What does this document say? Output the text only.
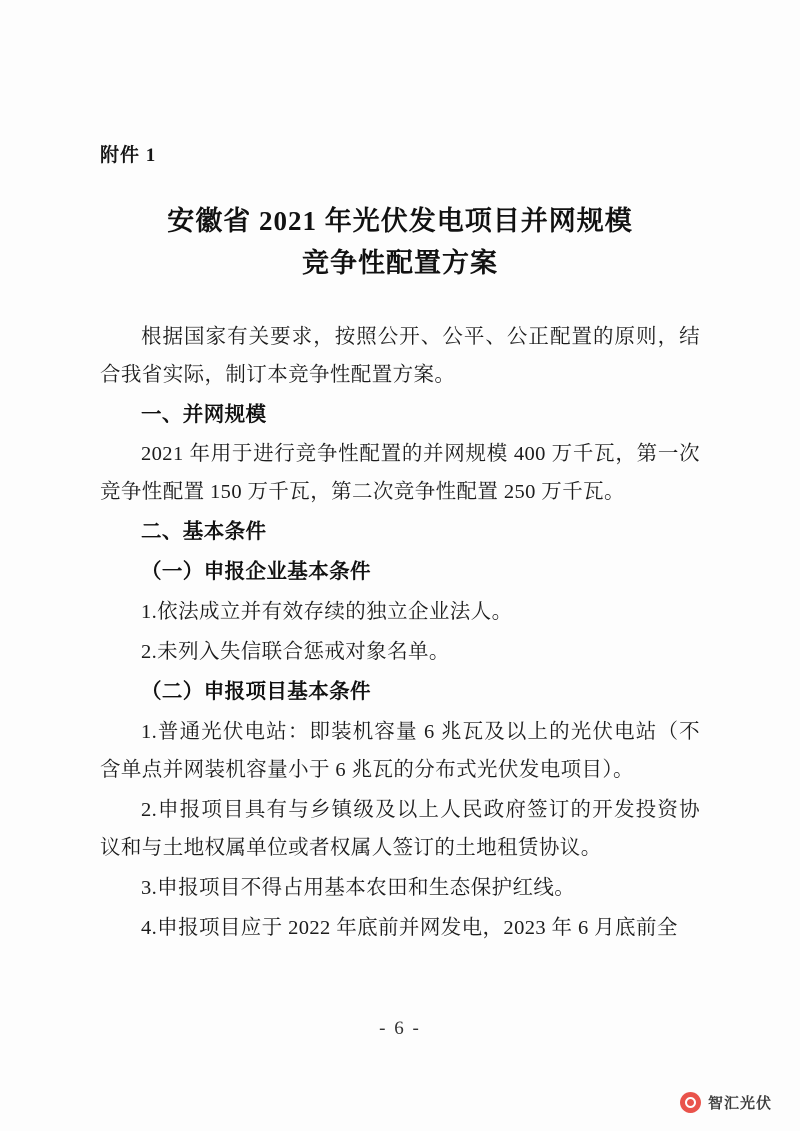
附件 1
安徽省 2021 年光伏发电项目并网规模
竞争性配置方案

根据国家有关要求，按照公开、公平、公正配置的原则，结合我省实际，制订本竞争性配置方案。

一、并网规模

2021 年用于进行竞争性配置的并网规模 400 万千瓦，第一次竞争性配置 150 万千瓦，第二次竞争性配置 250 万千瓦。

二、基本条件

（一）申报企业基本条件

1.依法成立并有效存续的独立企业法人。

2.未列入失信联合惩戒对象名单。

（二）申报项目基本条件

1.普通光伏电站：即装机容量 6 兆瓦及以上的光伏电站（不含单点并网装机容量小于 6 兆瓦的分布式光伏发电项目）。

2.申报项目具有与乡镇级及以上人民政府签订的开发投资协议和与土地权属单位或者权属人签订的土地租赁协议。

3.申报项目不得占用基本农田和生态保护红线。

4.申报项目应于 2022 年底前并网发电，2023 年 6 月底前全

- 6 -
智汇光伏
